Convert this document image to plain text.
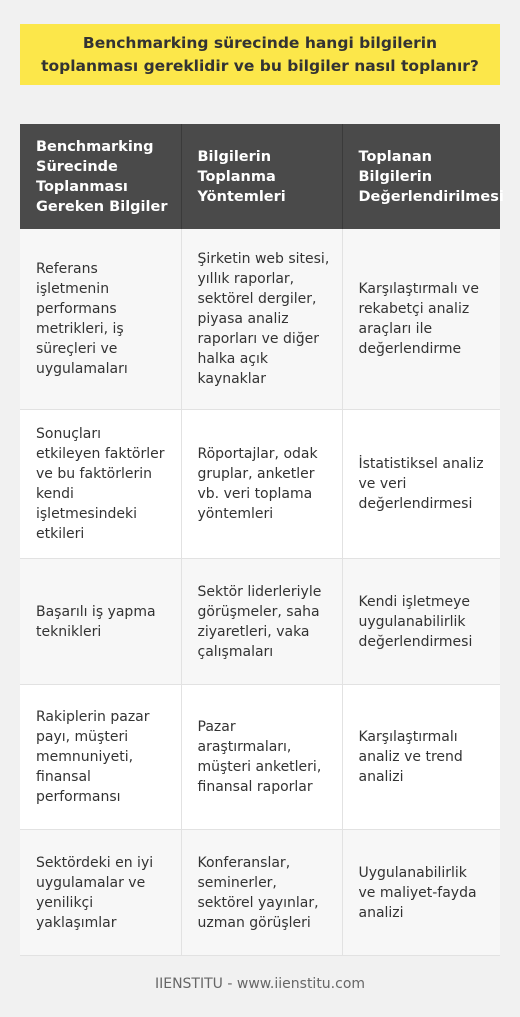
Benchmarking sürecinde hangi bilgilerin toplanması gereklidir ve bu bilgiler nasıl toplanır?
Benchmarking Sürecinde Toplanması Gereken Bilgiler	Bilgilerin Toplanma Yöntemleri	Toplanan Bilgilerin Değerlendirilmesi
Referans işletmenin performans metrikleri, iş süreçleri ve uygulamaları	Şirketin web sitesi, yıllık raporlar, sektörel dergiler, piyasa analiz raporları ve diğer halka açık kaynaklar	Karşılaştırmalı ve rekabetçi analiz araçları ile değerlendirme
Sonuçları etkileyen faktörler ve bu faktörlerin kendi işletmesindeki etkileri	Röportajlar, odak gruplar, anketler vb. veri toplama yöntemleri	İstatistiksel analiz ve veri değerlendirmesi
Başarılı iş yapma teknikleri	Sektör liderleriyle görüşmeler, saha ziyaretleri, vaka çalışmaları	Kendi işletmeye uygulanabilirlik değerlendirmesi
Rakiplerin pazar payı, müşteri memnuniyeti, finansal performansı	Pazar araştırmaları, müşteri anketleri, finansal raporlar	Karşılaştırmalı analiz ve trend analizi
Sektördeki en iyi uygulamalar ve yenilikçi yaklaşımlar	Konferanslar, seminerler, sektörel yayınlar, uzman görüşleri	Uygulanabilirlik ve maliyet-fayda analizi
IIENSTITU - www.iienstitu.com
